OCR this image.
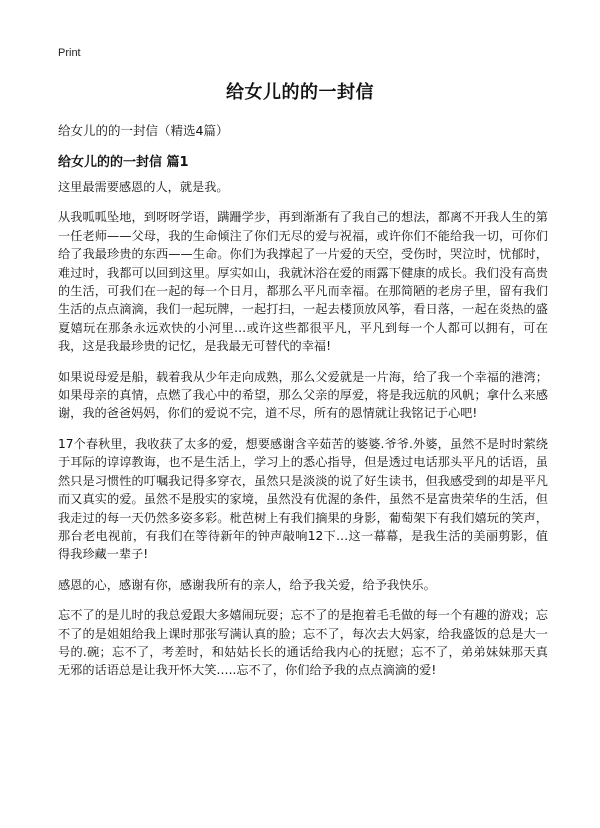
Print
给女儿的的一封信
给女儿的的一封信（精选4篇）
给女儿的的一封信 篇1

这里最需要感恩的人，就是我。

从我呱呱坠地，到呀呀学语，蹒跚学步，再到渐渐有了我自己的想法，都离不开我人生的第一任老师——父母，我的生命倾注了你们无尽的爱与祝福，或许你们不能给我一切，可你们给了我最珍贵的东西——生命。你们为我撑起了一片爱的天空，受伤时，哭泣时，忧郁时，难过时，我都可以回到这里。厚实如山，我就沐浴在爱的雨露下健康的成长。我们没有高贵的生活，可我们在一起的每一个日月，都那么平凡而幸福。在那简陋的老房子里，留有我们生活的点点滴滴，我们一起玩牌，一起打扫，一起去楼顶放风筝，看日落，一起在炎热的盛夏嬉玩在那条永远欢快的小河里…或许这些都很平凡，平凡到每一个人都可以拥有，可在我，这是我最珍贵的记忆，是我最无可替代的幸福!

如果说母爱是船，载着我从少年走向成熟，那么父爱就是一片海，给了我一个幸福的港湾；如果母亲的真情，点燃了我心中的希望，那么父亲的厚爱，将是我远航的风帆；拿什么来感谢，我的爸爸妈妈，你们的爱说不完，道不尽，所有的恩情就让我铭记于心吧!

17个春秋里，我收获了太多的爱，想要感谢含辛茹苦的婆婆.爷爷.外婆，虽然不是时时萦绕于耳际的谆谆教诲，也不是生活上，学习上的悉心指导，但是透过电话那头平凡的话语，虽然只是习惯性的叮嘱我记得多穿衣，虽然只是淡淡的说了好生读书，但我感受到的却是平凡而又真实的爱。虽然不是殷实的家境，虽然没有优渥的条件，虽然不是富贵荣华的生活，但我走过的每一天仍然多姿多彩。枇芭树上有我们摘果的身影，葡萄架下有我们嬉玩的笑声，那台老电视前，有我们在等待新年的钟声敲响12下…这一幕幕，是我生活的美丽剪影，值得我珍藏一辈子!

感恩的心，感谢有你，感谢我所有的亲人，给予我关爱，给予我快乐。

忘不了的是儿时的我总爱跟大多嬉闹玩耍；忘不了的是抱着毛毛做的每一个有趣的游戏；忘不了的是姐姐给我上课时那张写满认真的脸；忘不了，每次去大妈家，给我盛饭的总是大一号的.碗；忘不了，考差时，和姑姑长长的通话给我内心的抚慰；忘不了，弟弟妹妹那天真无邪的话语总是让我开怀大笑…..忘不了，你们给予我的点点滴滴的爱!
